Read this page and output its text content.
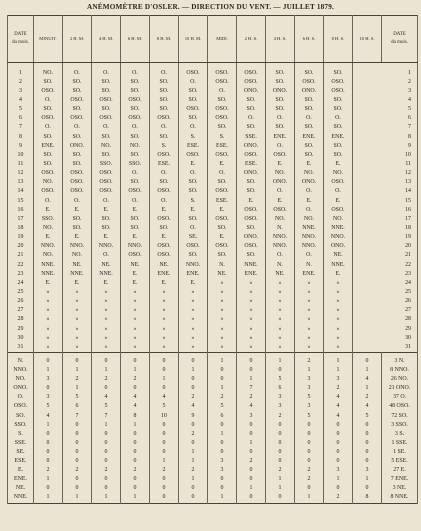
ANÉMOMÈTRE D'OSLER. — DIRECTION DU VENT. — JUILLET 1879.
DATE
du mois.	MINUIT.	2 H. M.	4 H. M.	6 H. M.	8 H. M.	10 H. M.	MIDI.	2 H. S.	4 H. S.	6 H. S.	8 H. S.	10 H. S.	DATE
du mois.
1	NO.	O.	O.	O.	O.	OSO.	OSO.	OSO.	SO.	SO.	SO.	1	
2	SO.	SO.	SO.	SO.	SO.	O.	OSO.	OSO.	SO.	OSO.	OSO.	2	
3	OSO.	SO.	SO.	SO.	SO.	SO.	O.	ONO.	ONO.	ONO.	OSO.	3	
4	O.	OSO.	OSO.	OSO.	SO.	SO.	SO.	SO.	SO.	SO.	SO.	4	
5	SO.	SO.	SO.	SO.	SO.	OSO.	OSO.	SO.	SO.	SO.	SO.	5	
6	OSO.	OSO.	OSO.	OSO.	OSO.	SO.	OSO.	O.	O.	O.	O.	6	
7	O.	O.	O.	O.	O.	O.	SO.	SO.	SO.	SO.	SO.	7	
8	SO.	SO.	SO.	SO.	SO.	S.	S.	SSE.	ENE.	ENE.	ENE.	8	
9	ENE.	ONO.	NO.	NO.	S.	ESE.	ESE.	ONO.	O.	SO.	SO.	9	
10	SO.	SO.	SO.	SO.	OSO.	OSO.	OSO.	OSO.	OSO.	SO.	SO.	10	
11	SO.	SO.	SSO.	SSO.	ESE.	E.	E.	ESE.	E.	E.	E.	11	
12	OSO.	OSO.	OSO.	O.	O.	O.	O.	ONO.	NO.	NO.	NO.	12	
13	NO.	OSO.	OSO.	SO.	SO.	SO.	SO.	SO.	ONO.	ONO.	OSO.	13	
14	OSO.	OSO.	OSO.	OSO.	OSO.	SO.	OSO.	SO.	O.	O.	O.	14	
15	O.	O.	O.	O.	O.	S.	ESE.	E.	E.	E.	E.	15	
16	E.	E.	E.	E.	E.	E.	E.	OSO.	OSO.	O.	OSO.	16	
17	SSO.	SO.	SO.	SO.	OSO.	SO.	OSO.	OSO.	NO.	NO.	NO.	17	
18	NO.	SO.	SO.	SO.	SO.	O.	SO.	SO.	N.	NNE.	NNE.	18	
19	E.	E.	E.	E.	E.	SE.	E.	ONO.	NNO.	NNO.	NNO.	19	
20	NNO.	NNO.	NNO.	NNO.	OSO.	OSO.	OSO.	OSO.	NNO.	NNO.	ONO.	20	
21	NO.	NO.	O.	OSO.	OSO.	SO.	SO.	SO.	O.	O.	NE.	21	
22	NNE.	NE.	NE.	NE.	NE.	NNO.	N.	NNE.	N.	N.	NNE.	22	
23	NNE.	NNE.	NNE.	E.	ENE.	ENE.	NE.	ENE.	NE.	ENE.	E.	23	
24	E.	E.	E.	E.	E.	E.	»	»	»	»	»	24	
25	»	»	»	»	»	»	»	»	»	»	»	25	
26	»	»	»	»	»	»	»	»	»	»	»	26	
27	»	»	»	»	»	»	»	»	»	»	»	27	
28	»	»	»	»	»	»	»	»	»	»	»	28	
29	»	»	»	»	»	»	»	»	»	»	»	29	
30	»	»	»	»	»	»	»	»	»	»	»	30	
31	»	»	»	»	»	»	»	»	»	»	»	31	
N.	0	0	0	0	0	0	1	0	1	2	1	0	3 N.
NNO.	1	1	1	1	0	1	0	0	0	1	1	1	8 NNO.
NO.	3	2	2	2	1	0	0	1	5	3	3	4	26 NO.
ONO.	0	1	0	0	0	0	1	7	6	3	2	1	21 ONO.
O.	3	5	4	4	4	2	2	2	3	5	4	2	37 O.
OSO.	5	6	5	4	5	4	5	4	3	3	4	4	48 OSO.
SO.	4	7	7	8	10	9	6	3	2	5	4	5	72 SO.
SSO.	1	0	1	1	0	0	0	0	0	0	0	0	3 SSO.
S.	0	0	0	0	0	2	1	0	0	0	0	0	3 S.
SSE.	0	0	0	0	0	0	0	1	0	0	0	0	1 SSE.
SE.	0	0	0	0	0	1	0	0	0	0	0	0	1 SE.
ESE.	0	0	0	0	1	1	3	2	0	0	0	0	5 ESE.
E.	2	2	2	2	2	2	3	0	2	2	3	3	27 E.
ENE.	1	0	0	0	0	1	0	0	1	2	1	1	7 ENE.
NE.	0	0	0	0	0	0	0	1	1	0	0	0	3 NE.
NNE.	1	1	1	1	0	0	1	0	0	1	2	8	8 NNE.
